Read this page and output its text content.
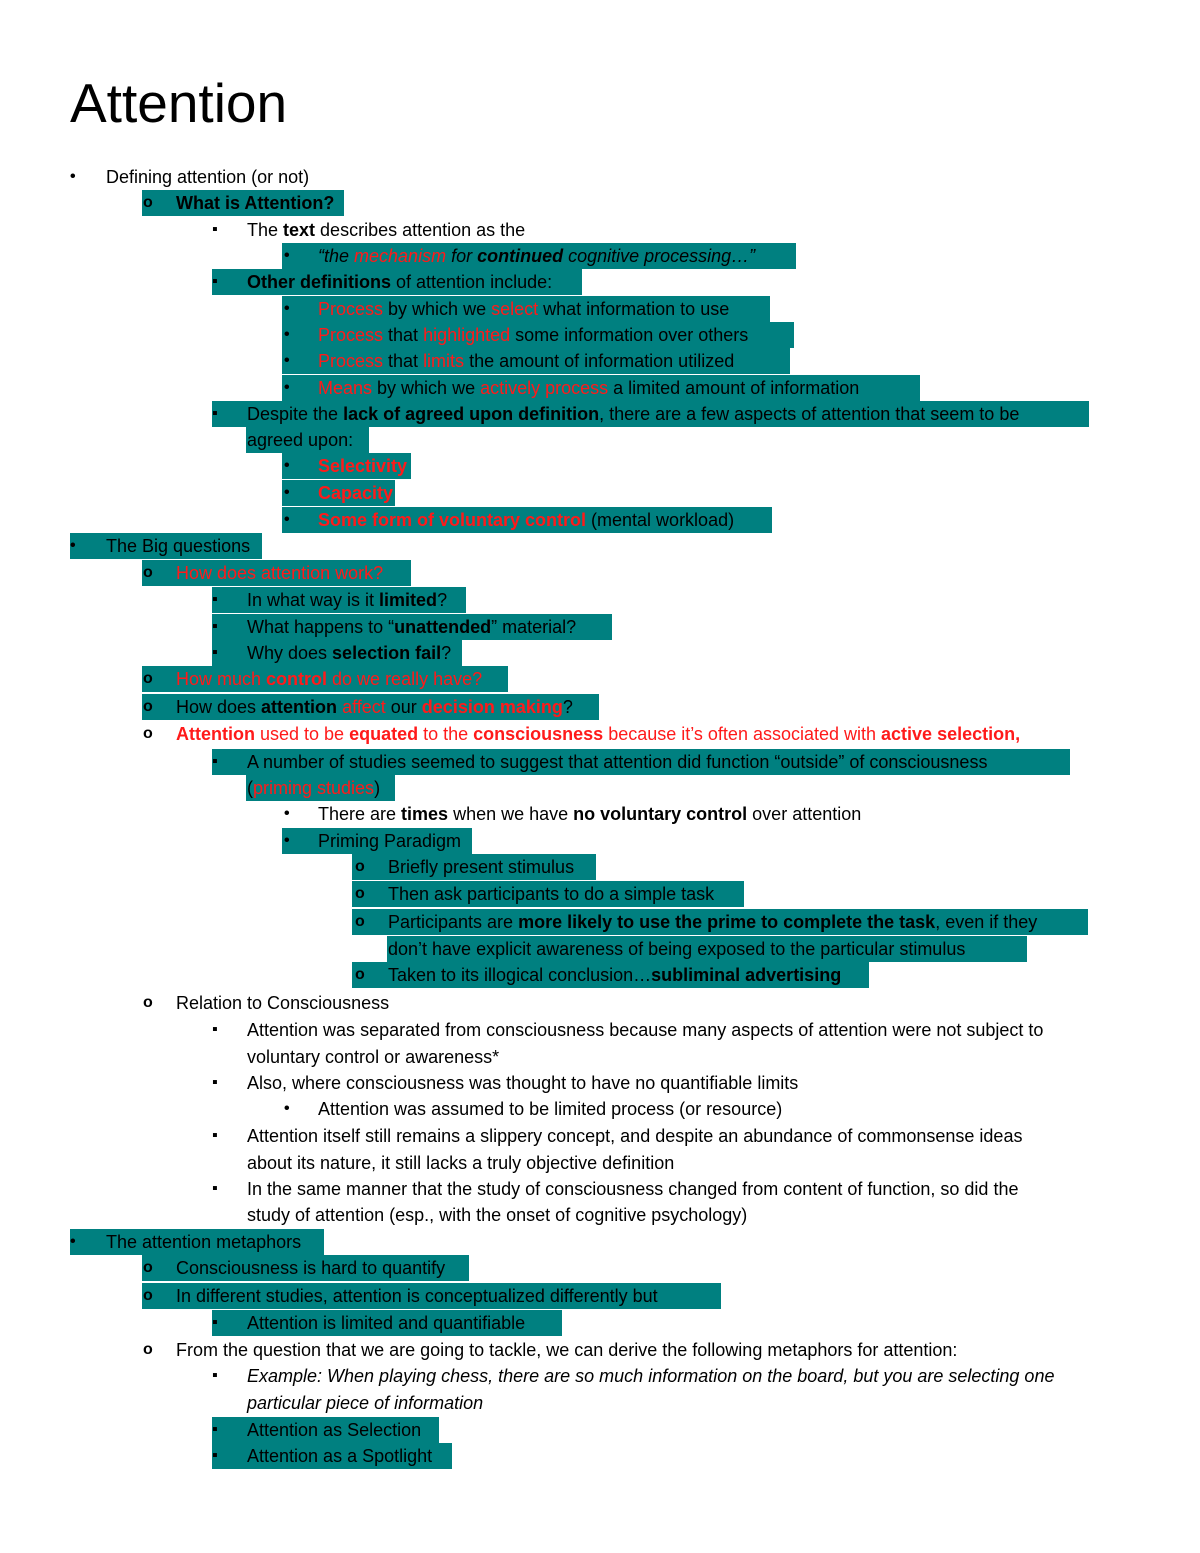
Attention
• Defining attention (or not)
o What is Attention?
▪ The text describes attention as the
• “the mechanism for continued cognitive processing…”
▪ Other definitions of attention include:
• Process by which we select what information to use
• Process that highlighted some information over others
• Process that limits the amount of information utilized
• Means by which we actively process a limited amount of information
▪ Despite the lack of agreed upon definition, there are a few aspects of attention that seem to be
agreed upon:
• Selectivity
• Capacity
• Some form of voluntary control (mental workload)
• The Big questions
o How does attention work?
▪ In what way is it limited?
▪ What happens to “unattended” material?
▪ Why does selection fail?
o How much control do we really have?
o How does attention affect our decision making?
o Attention used to be equated to the consciousness because it’s often associated with active selection,
▪ A number of studies seemed to suggest that attention did function “outside” of consciousness
(priming studies)
• There are times when we have no voluntary control over attention
• Priming Paradigm
o Briefly present stimulus
o Then ask participants to do a simple task
o Participants are more likely to use the prime to complete the task, even if they
don’t have explicit awareness of being exposed to the particular stimulus
o Taken to its illogical conclusion…subliminal advertising
o Relation to Consciousness
▪ Attention was separated from consciousness because many aspects of attention were not subject to
voluntary control or awareness*
▪ Also, where consciousness was thought to have no quantifiable limits
• Attention was assumed to be limited process (or resource)
▪ Attention itself still remains a slippery concept, and despite an abundance of commonsense ideas
about its nature, it still lacks a truly objective definition
▪ In the same manner that the study of consciousness changed from content of function, so did the
study of attention (esp., with the onset of cognitive psychology)
• The attention metaphors
o Consciousness is hard to quantify
o In different studies, attention is conceptualized differently but
▪ Attention is limited and quantifiable
o From the question that we are going to tackle, we can derive the following metaphors for attention:
▪ Example: When playing chess, there are so much information on the board, but you are selecting one
particular piece of information
▪ Attention as Selection
▪ Attention as a Spotlight
